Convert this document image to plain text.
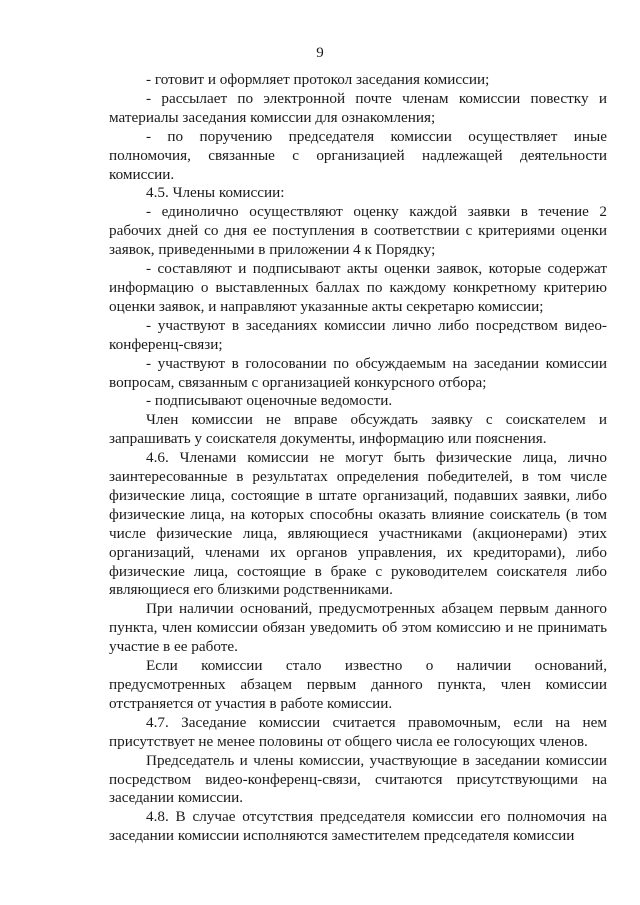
9

- готовит и оформляет протокол заседания комиссии;

- рассылает по электронной почте членам комиссии повестку и материалы заседания комиссии для ознакомления;

- по поручению председателя комиссии осуществляет иные полномочия, связанные с организацией надлежащей деятельности комиссии.

4.5. Члены комиссии:

- единолично осуществляют оценку каждой заявки в течение 2 рабочих дней со дня ее поступления в соответствии с критериями оценки заявок, приведенными в приложении 4 к Порядку;

- составляют и подписывают акты оценки заявок, которые содержат информацию о выставленных баллах по каждому конкретному критерию оценки заявок, и направляют указанные акты секретарю комиссии;

- участвуют в заседаниях комиссии лично либо посредством видео-конференц-связи;

- участвуют в голосовании по обсуждаемым на заседании комиссии вопросам, связанным с организацией конкурсного отбора;

- подписывают оценочные ведомости.

Член комиссии не вправе обсуждать заявку с соискателем и запрашивать у соискателя документы, информацию или пояснения.

4.6. Членами комиссии не могут быть физические лица, лично заинтересованные в результатах определения победителей, в том числе физические лица, состоящие в штате организаций, подавших заявки, либо физические лица, на которых способны оказать влияние соискатель (в том числе физические лица, являющиеся участниками (акционерами) этих организаций, членами их органов управления, их кредиторами), либо физические лица, состоящие в браке с руководителем соискателя либо являющиеся его близкими родственниками.

При наличии оснований, предусмотренных абзацем первым данного пункта, член комиссии обязан уведомить об этом комиссию и не принимать участие в ее работе.

Если комиссии стало известно о наличии оснований, предусмотренных абзацем первым данного пункта, член комиссии отстраняется от участия в работе комиссии.

4.7. Заседание комиссии считается правомочным, если на нем присутствует не менее половины от общего числа ее голосующих членов.

Председатель и члены комиссии, участвующие в заседании комиссии посредством видео-конференц-связи, считаются присутствующими на заседании комиссии.

4.8. В случае отсутствия председателя комиссии его полномочия на заседании комиссии исполняются заместителем председателя комиссии
